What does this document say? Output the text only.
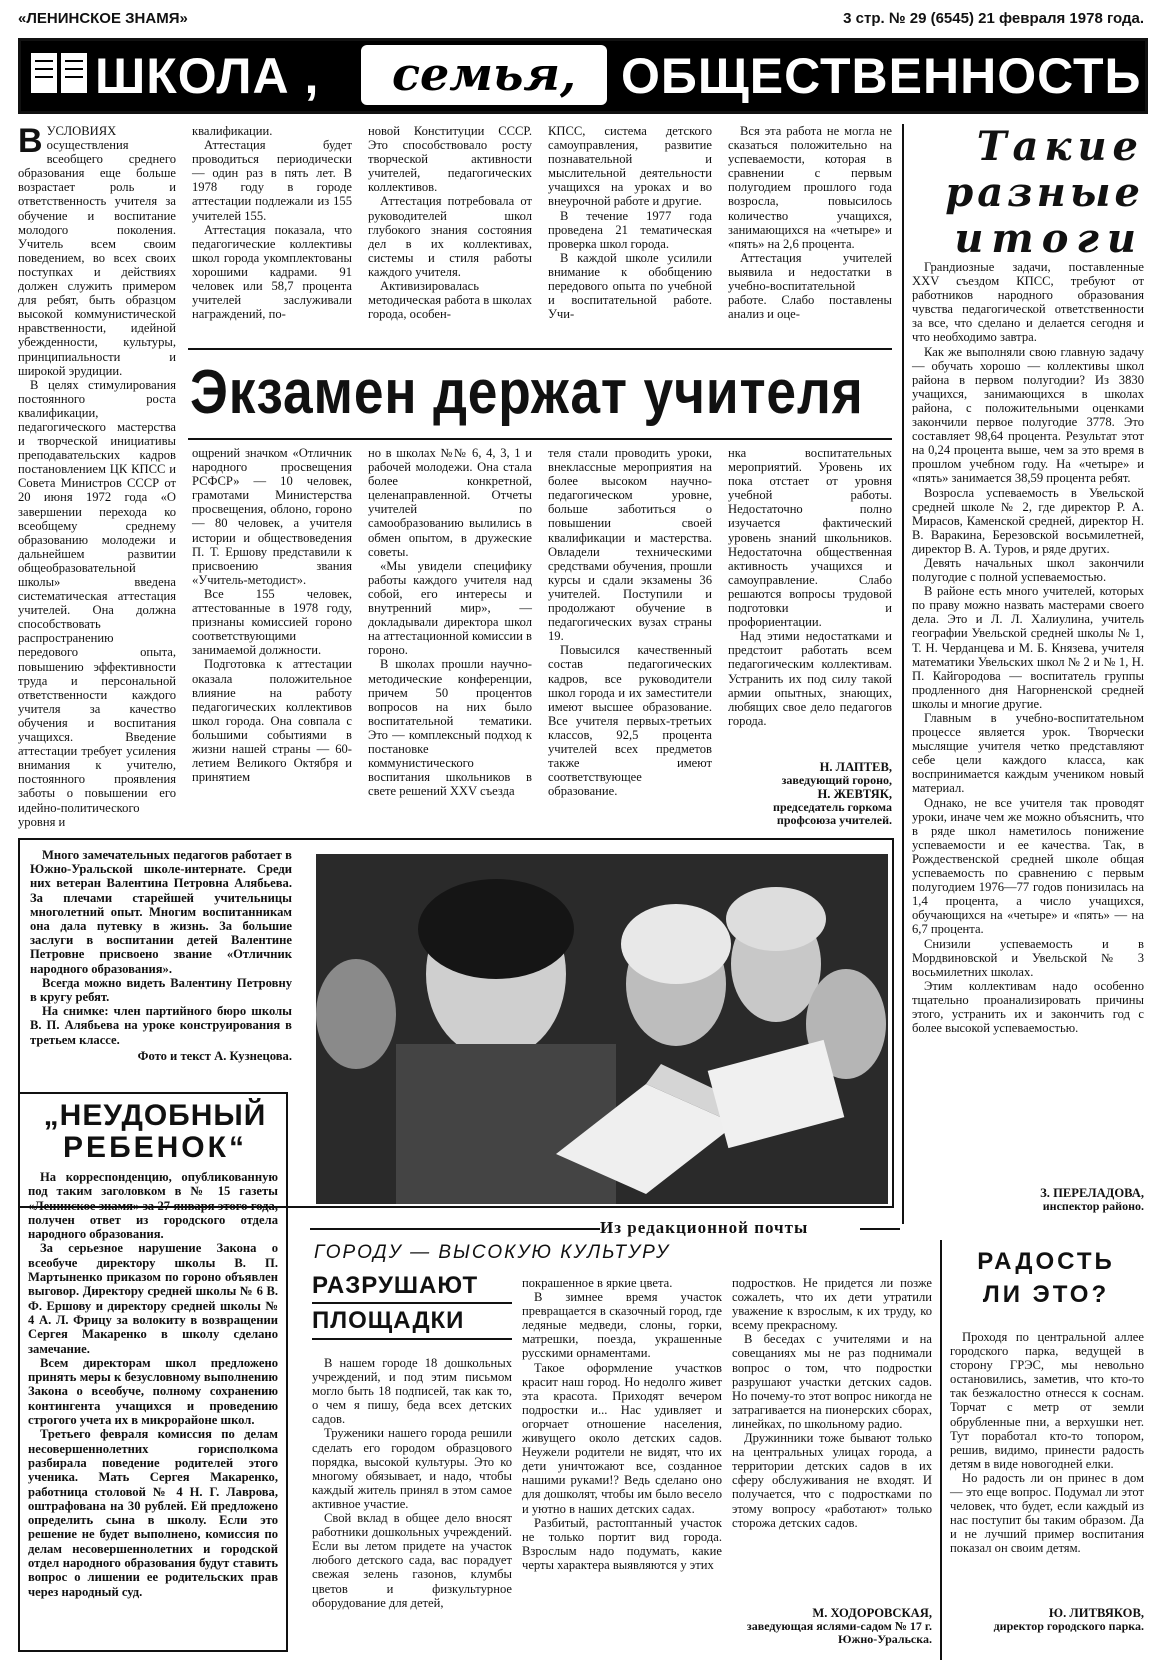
«ЛЕНИНСКОЕ ЗНАМЯ»	3 стр. № 29 (6545) 21 февраля 1978 года.
ШКОЛА ,	семья, ОБЩЕСТВЕННОСТЬ
В УСЛОВИЯХ осуществления всеобщего среднего образования еще больше возрастает роль и ответственность учителя за обучение и воспитание молодого поколения. Учитель всем своим поведением, во всех своих поступках и действиях должен служить примером для ребят, быть образцом высокой коммунистической нравственности, идейной убежденности, культуры, принципиальности и широкой эрудиции.

В целях стимулирования постоянного роста квалификации, педагогического мастерства и творческой инициативы преподавательских кадров постановлением ЦК КПСС и Совета Министров СССР от 20 июня 1972 года «О завершении перехода ко всеобщему среднему образованию молодежи и дальнейшем развитии общеобразовательной школы» введена систематическая аттестация учителей. Она должна способствовать распространению передового опыта, повышению эффективности труда и персональной ответственности каждого учителя за качество обучения и воспитания учащихся. Введение аттестации требует усиления внимания к учителю, постоянного проявления заботы о повышении его идейно-политического уровня и

квалификации.

Аттестация будет проводиться периодически — один раз в пять лет. В 1978 году в городе аттестации подлежали из 155 учителей 155.

Аттестация показала, что педагогические коллективы школ города укомплектованы хорошими кадрами. 91 человек или 58,7 процента учителей заслуживали награждений, по-

новой Конституции СССР. Это способствовало росту творческой активности учителей, педагогических коллективов.

Аттестация потребовала от руководителей школ глубокого знания состояния дел в их коллективах, системы и стиля работы каждого учителя.

Активизировалась методическая работа в школах города, особен-

КПСС, система детского самоуправления, развитие познавательной и мыслительной деятельности учащихся на уроках и во внеурочной работе и другие.

В течение 1977 года проведена 21 тематическая проверка школ города.

В каждой школе усилили внимание к обобщению передового опыта по учебной и воспитательной работе. Учи-

Вся эта работа не могла не сказаться положительно на успеваемости, которая в сравнении с первым полугодием прошлого года возросла, повысилось количество учащихся, занимающихся на «четыре» и «пять» на 2,6 процента.

Аттестация учителей выявила и недостатки в учебно-воспитательной работе. Слабо поставлены анализ и оце-

Экзамен держат учителя

ощрений значком «Отличник народного просвещения РСФСР» — 10 человек, грамотами Министерства просвещения, облоно, гороно — 80 человек, а учителя истории и обществоведения П. Т. Ершову представили к присвоению звания «Учитель-методист».

Все 155 человек, аттестованные в 1978 году, признаны комиссией гороно соответствующими занимаемой должности.

Подготовка к аттестации оказала положительное влияние на работу педагогических коллективов школ города. Она совпала с большими событиями в жизни нашей страны — 60-летием Великого Октября и принятием

но в школах №№ 6, 4, 3, 1 и рабочей молодежи. Она стала более конкретной, целенаправленной. Отчеты учителей по самообразованию вылились в обмен опытом, в дружеские советы.

«Мы увидели специфику работы каждого учителя над собой, его интересы и внутренний мир», — докладывали директора школ на аттестационной комиссии в гороно.

В школах прошли научно-методические конференции, причем 50 процентов вопросов на них было воспитательной тематики. Это — комплексный подход к постановке коммунистического воспитания школьников в свете решений XXV съезда

теля стали проводить уроки, внеклассные мероприятия на более высоком научно-педагогическом уровне, больше заботиться о повышении своей квалификации и мастерства. Овладели техническими средствами обучения, прошли курсы и сдали экзамены 36 учителей. Поступили и продолжают обучение в педагогических вузах страны 19.

Повысился качественный состав педагогических кадров, все руководители школ города и их заместители имеют высшее образование. Все учителя первых-третьих классов, 92,5 процента учителей всех предметов также имеют соответствующее образование.

нка воспитательных мероприятий. Уровень их пока отстает от уровня учебной работы. Недостаточно полно изучается фактический уровень знаний школьников. Недостаточна общественная активность учащихся и самоуправление. Слабо решаются вопросы трудовой подготовки и профориентации.

Над этими недостатками и предстоит работать всем педагогическим коллективам. Устранить их под силу такой армии опытных, знающих, любящих свое дело педагогов города.

Н. ЛАПТЕВ,
заведующий гороно,
Н. ЖЕВТЯК,
председатель горкома профсоюза учителей.

Много замечательных педагогов работает в Южно-Уральской школе-интернате. Среди них ветеран Валентина Петровна Алябьева. За плечами старейшей учительницы многолетний опыт. Многим воспитанникам она дала путевку в жизнь. За большие заслуги в воспитании детей Валентине Петровне присвоено звание «Отличник народного образования».

Всегда можно видеть Валентину Петровну в кругу ребят.

На снимке: член партийного бюро школы В. П. Алябьева на уроке конструирования в третьем классе.

Фото и текст А. Кузнецова.
Такие
разные
итоги

Грандиозные задачи, поставленные XXV съездом КПСС, требуют от работников народного образования чувства педагогической ответственности за все, что сделано и делается сегодня и что необходимо завтра.

Как же выполняли свою главную задачу — обучать хорошо — коллективы школ района в первом полугодии? Из 3830 учащихся, занимающихся в школах района, с положительными оценками закончили первое полугодие 3778. Это составляет 98,64 процента. Результат этот на 0,24 процента выше, чем за это время в прошлом учебном году. На «четыре» и «пять» занимается 38,59 процента ребят.

Возросла успеваемость в Увельской средней школе № 2, где директор Р. А. Мирасов, Каменской средней, директор Н. В. Варакина, Березовской восьмилетней, директор В. А. Туров, и ряде других.

Девять начальных школ закончили полугодие с полной успеваемостью.

В районе есть много учителей, которых по праву можно назвать мастерами своего дела. Это и Л. Л. Халиулина, учитель географии Увельской средней школы № 1, Т. Н. Черданцева и М. Б. Князева, учителя математики Увельских школ № 2 и № 1, Н. П. Кайгородова — воспитатель группы продленного дня Нагорненской средней школы и многие другие.

Главным в учебно-воспитательном процессе является урок. Творчески мыслящие учителя четко представляют себе цели каждого класса, как воспринимается каждым учеником новый материал.

Однако, не все учителя так проводят уроки, иначе чем же можно объяснить, что в ряде школ наметилось понижение успеваемости и ее качества. Так, в Рождественской средней школе общая успеваемость по сравнению с первым полугодием 1976—77 годов понизилась на 1,4 процента, а число учащихся, обучающихся на «четыре» и «пять» — на 6,7 процента.

Снизили успеваемость и в Мордвиновской и Увельской № 3 восьмилетних школах.

Этим коллективам надо особенно тщательно проанализировать причины этого, устранить их и закончить год с более высокой успеваемостью.

З. ПЕРЕЛАДОВА,
инспектор районо.
„НЕУДОБНЫЙ
РЕБЕНОК“

На корреспонденцию, опубликованную под таким заголовком в № 15 газеты «Ленинское знамя» за 27 января этого года, получен ответ из городского отдела народного образования.

За серьезное нарушение Закона о всеобуче директору школы В. П. Мартыненко приказом по гороно объявлен выговор. Директору средней школы № 6 В. Ф. Ершову и директору средней школы № 4 А. Л. Фрицу за волокиту в возвращении Сергея Макаренко в школу сделано замечание.

Всем директорам школ предложено принять меры к безусловному выполнению Закона о всеобуче, полному сохранению контингента учащихся и проведению строгого учета их в микрорайоне школ.

Третьего февраля комиссия по делам несовершеннолетних горисполкома разбирала поведение родителей этого ученика. Мать Сергея Макаренко, работница столовой № 4 Н. Г. Лаврова, оштрафована на 30 рублей. Ей предложено определить сына в школу. Если это решение не будет выполнено, комиссия по делам несовершеннолетних и городской отдел народного образования будут ставить вопрос о лишении ее родительских прав через народный суд.

Из редакционной почты
ГОРОДУ — ВЫСОКУЮ КУЛЬТУРУ
РАЗРУШАЮТ
ПЛОЩАДКИ

В нашем городе 18 дошкольных учреждений, и под этим письмом могло быть 18 подписей, так как то, о чем я пишу, беда всех детских садов.

Труженики нашего города решили сделать его городом образцового порядка, высокой культуры. Это ко многому обязывает, и надо, чтобы каждый житель принял в этом самое активное участие.

Свой вклад в общее дело вносят работники дошкольных учреждений. Если вы летом придете на участок любого детского сада, вас порадует свежая зелень газонов, клумбы цветов и физкультурное оборудование для детей,

покрашенное в яркие цвета.

В зимнее время участок превращается в сказочный город, где ледяные медведи, слоны, горки, матрешки, поезда, украшенные русскими орнаментами.

Такое оформление участков красит наш город. Но недолго живет эта красота. Приходят вечером подростки и... Нас удивляет и огорчает отношение населения, живущего около детских садов. Неужели родители не видят, что их дети уничтожают все, созданное нашими руками!? Ведь сделано оно для дошколят, чтобы им было весело и уютно в наших детских садах.

Разбитый, растоптанный участок не только портит вид города. Взрослым надо подумать, какие черты характера выявляются у этих

подростков. Не придется ли позже сожалеть, что их дети утратили уважение к взрослым, к их труду, ко всему прекрасному.

В беседах с учителями и на совещаниях мы не раз поднимали вопрос о том, что подростки разрушают участки детских садов. Но почему-то этот вопрос никогда не затрагивается на пионерских сборах, линейках, по школьному радио.

Дружинники тоже бывают только на центральных улицах города, а территории детских садов в их сферу обслуживания не входят. И получается, что с подростками по этому вопросу «работают» только сторожа детских садов.

М. ХОДОРОВСКАЯ,
заведующая яслями-садом № 17 г. Южно-Уральска.
РАДОСТЬ
ЛИ ЭТО?

Проходя по центральной аллее городского парка, ведущей в сторону ГРЭС, мы невольно остановились, заметив, что кто-то так безжалостно отнесся к соснам. Торчат с метр от земли обрубленные пни, а верхушки нет. Тут поработал кто-то топором, решив, видимо, принести радость детям в виде новогодней елки.

Но радость ли он принес в дом — это еще вопрос. Подумал ли этот человек, что будет, если каждый из нас поступит бы таким образом. Да и не лучший пример воспитания показал он своим детям.

Ю. ЛИТВЯКОВ,
директор городского парка.
